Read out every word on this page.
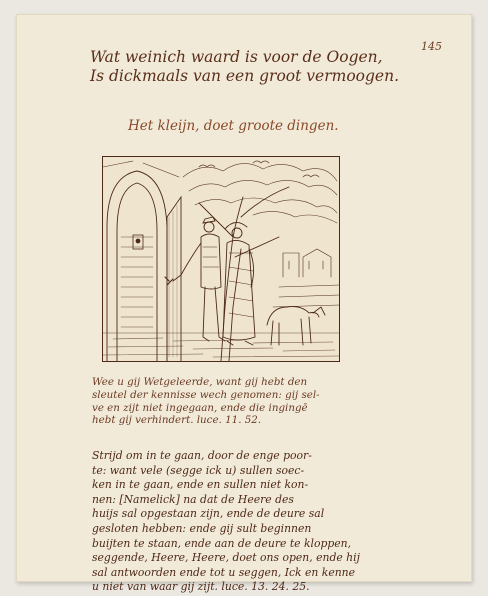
145
Wat weinich waard is voor de Oogen,
Is dickmaals van een groot vermoogen.
Het kleijn, doet groote dingen.
Wee u gij Wetgeleerde, want gij hebt den
sleutel der kennisse wech genomen: gij sel-
ve en zijt niet ingegaan, ende die ingingē
hebt gij verhindert. luce. 11. 52.
Strijd om in te gaan, door de enge poor-
te: want vele (segge ick u) sullen soec-
ken in te gaan, ende en sullen niet kon-
nen: [Namelick] na dat de Heere des
huijs sal opgestaan zijn, ende de deure sal
gesloten hebben: ende gij sult beginnen
buijten te staan, ende aan de deure te kloppen,
seggende, Heere, Heere, doet ons open, ende hij
sal antwoorden ende tot u seggen, Ick en kenne
u niet van waar gij zijt. luce. 13. 24. 25.
